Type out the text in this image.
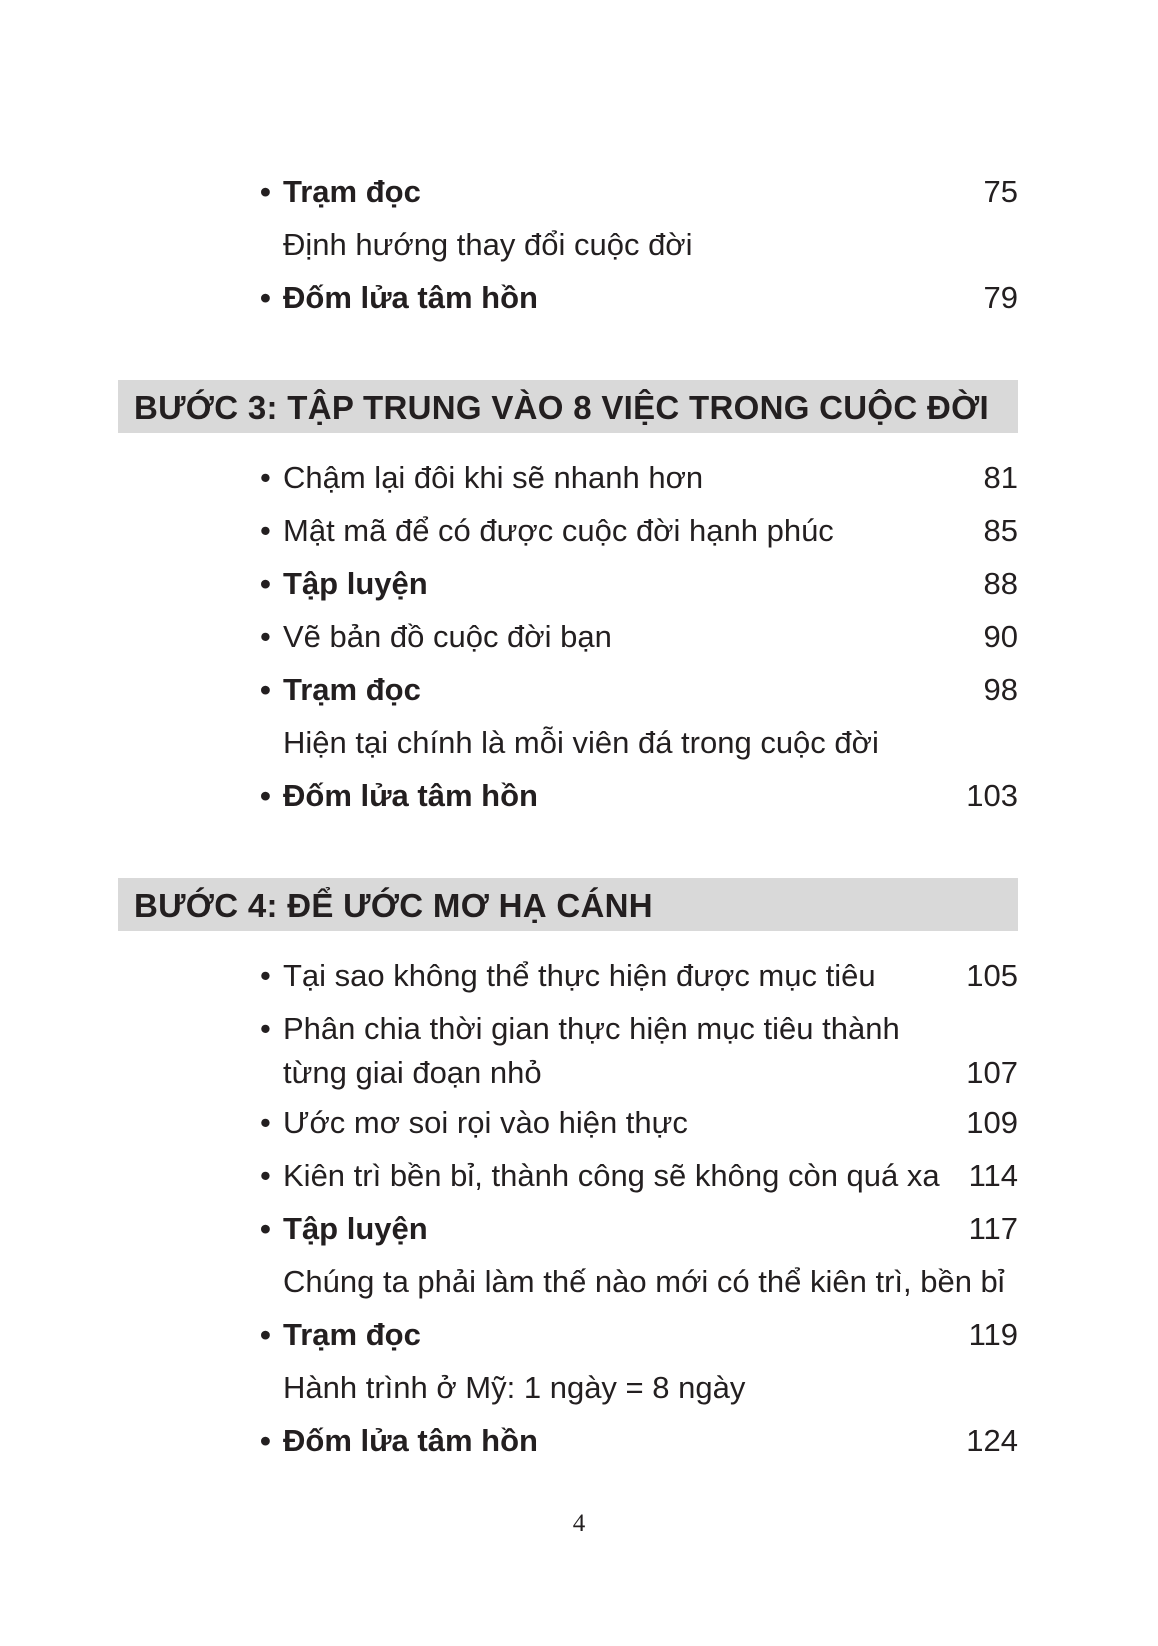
• Trạm đọc	75
Định hướng thay đổi cuộc đời
• Đốm lửa tâm hồn	79
BƯỚC 3: TẬP TRUNG VÀO 8 VIỆC TRONG CUỘC ĐỜI
• Chậm lại đôi khi sẽ nhanh hơn	81
• Mật mã để có được cuộc đời hạnh phúc	85
• Tập luyện	88
• Vẽ bản đồ cuộc đời bạn	90
• Trạm đọc	98
Hiện tại chính là mỗi viên đá trong cuộc đời
• Đốm lửa tâm hồn	103
BƯỚC 4: ĐỂ ƯỚC MƠ HẠ CÁNH
• Tại sao không thể thực hiện được mục tiêu	105
• Phân chia thời gian thực hiện mục tiêu thành
từng giai đoạn nhỏ	107
• Ước mơ soi rọi vào hiện thực	109
• Kiên trì bền bỉ, thành công sẽ không còn quá xa 114
• Tập luyện	117
Chúng ta phải làm thế nào mới có thể kiên trì, bền bỉ
• Trạm đọc	119
Hành trình ở Mỹ: 1 ngày = 8 ngày
• Đốm lửa tâm hồn	124
4
